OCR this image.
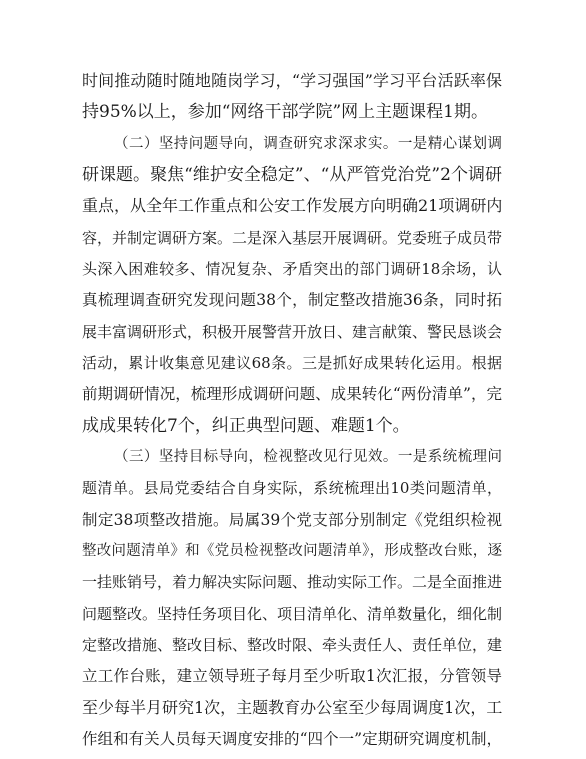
时间推动随时随地随岗学习，“学习强国”学习平台活跃率保
持95%以上，参加“网络干部学院”网上主题课程1期。
（二）坚持问题导向，调查研究求深求实。一是精心谋划调
研课题。聚焦“维护安全稳定”、“从严管党治党”2个调研
重点，从全年工作重点和公安工作发展方向明确21项调研内
容，并制定调研方案。二是深入基层开展调研。党委班子成员带
头深入困难较多、情况复杂、矛盾突出的部门调研18余场，认
真梳理调查研究发现问题38个，制定整改措施36条，同时拓
展丰富调研形式，积极开展警营开放日、建言献策、警民恳谈会
活动，累计收集意见建议68条。三是抓好成果转化运用。根据
前期调研情况，梳理形成调研问题、成果转化“两份清单”，完
成成果转化7个，纠正典型问题、难题1个。
（三）坚持目标导向，检视整改见行见效。一是系统梳理问
题清单。县局党委结合自身实际，系统梳理出10类问题清单，
制定38项整改措施。局属39个党支部分别制定《党组织检视
整改问题清单》和《党员检视整改问题清单》，形成整改台账，逐
一挂账销号，着力解决实际问题、推动实际工作。二是全面推进
问题整改。坚持任务项目化、项目清单化、清单数量化，细化制
定整改措施、整改目标、整改时限、牵头责任人、责任单位，建
立工作台账，建立领导班子每月至少听取1次汇报，分管领导
至少每半月研究1次，主题教育办公室至少每周调度1次，工
作组和有关人员每天调度安排的“四个一”定期研究调度机制，
